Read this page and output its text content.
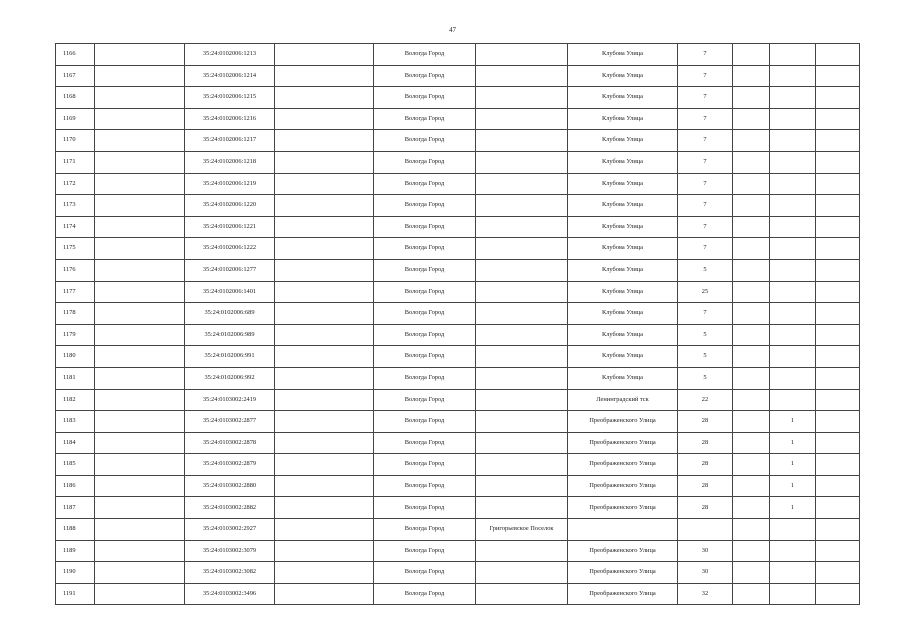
47
1166		35:24:0102006:1213		Вологда Город		Клубова Улица	7			
1167		35:24:0102006:1214		Вологда Город		Клубова Улица	7			
1168		35:24:0102006:1215		Вологда Город		Клубова Улица	7			
1169		35:24:0102006:1216		Вологда Город		Клубова Улица	7			
1170		35:24:0102006:1217		Вологда Город		Клубова Улица	7			
1171		35:24:0102006:1218		Вологда Город		Клубова Улица	7			
1172		35:24:0102006:1219		Вологда Город		Клубова Улица	7			
1173		35:24:0102006:1220		Вологда Город		Клубова Улица	7			
1174		35:24:0102006:1221		Вологда Город		Клубова Улица	7			
1175		35:24:0102006:1222		Вологда Город		Клубова Улица	7			
1176		35:24:0102006:1277		Вологда Город		Клубова Улица	5			
1177		35:24:0102006:1401		Вологда Город		Клубова Улица	25			
1178		35:24:0102006:689		Вологда Город		Клубова Улица	7			
1179		35:24:0102006:989		Вологда Город		Клубова Улица	5			
1180		35:24:0102006:991		Вологда Город		Клубова Улица	5			
1181		35:24:0102006:992		Вологда Город		Клубова Улица	5			
1182		35:24:0103002:2419		Вологда Город		Ленинградский тск	22			
1183		35:24:0103002:2877		Вологда Город		Преображенского Улица	28		1	
1184		35:24:0103002:2878		Вологда Город		Преображенского Улица	28		1	
1185		35:24:0103002:2879		Вологда Город		Преображенского Улица	28		1	
1186		35:24:0103002:2880		Вологда Город		Преображенского Улица	28		1	
1187		35:24:0103002:2882		Вологда Город		Преображенского Улица	28		1	
1188		35:24:0103002:2927		Вологда Город	Григорьевское Поселок					
1189		35:24:0103002:3079		Вологда Город		Преображенского Улица	30			
1190		35:24:0103002:3082		Вологда Город		Преображенского Улица	30			
1191		35:24:0103002:3496		Вологда Город		Преображенского Улица	32			
